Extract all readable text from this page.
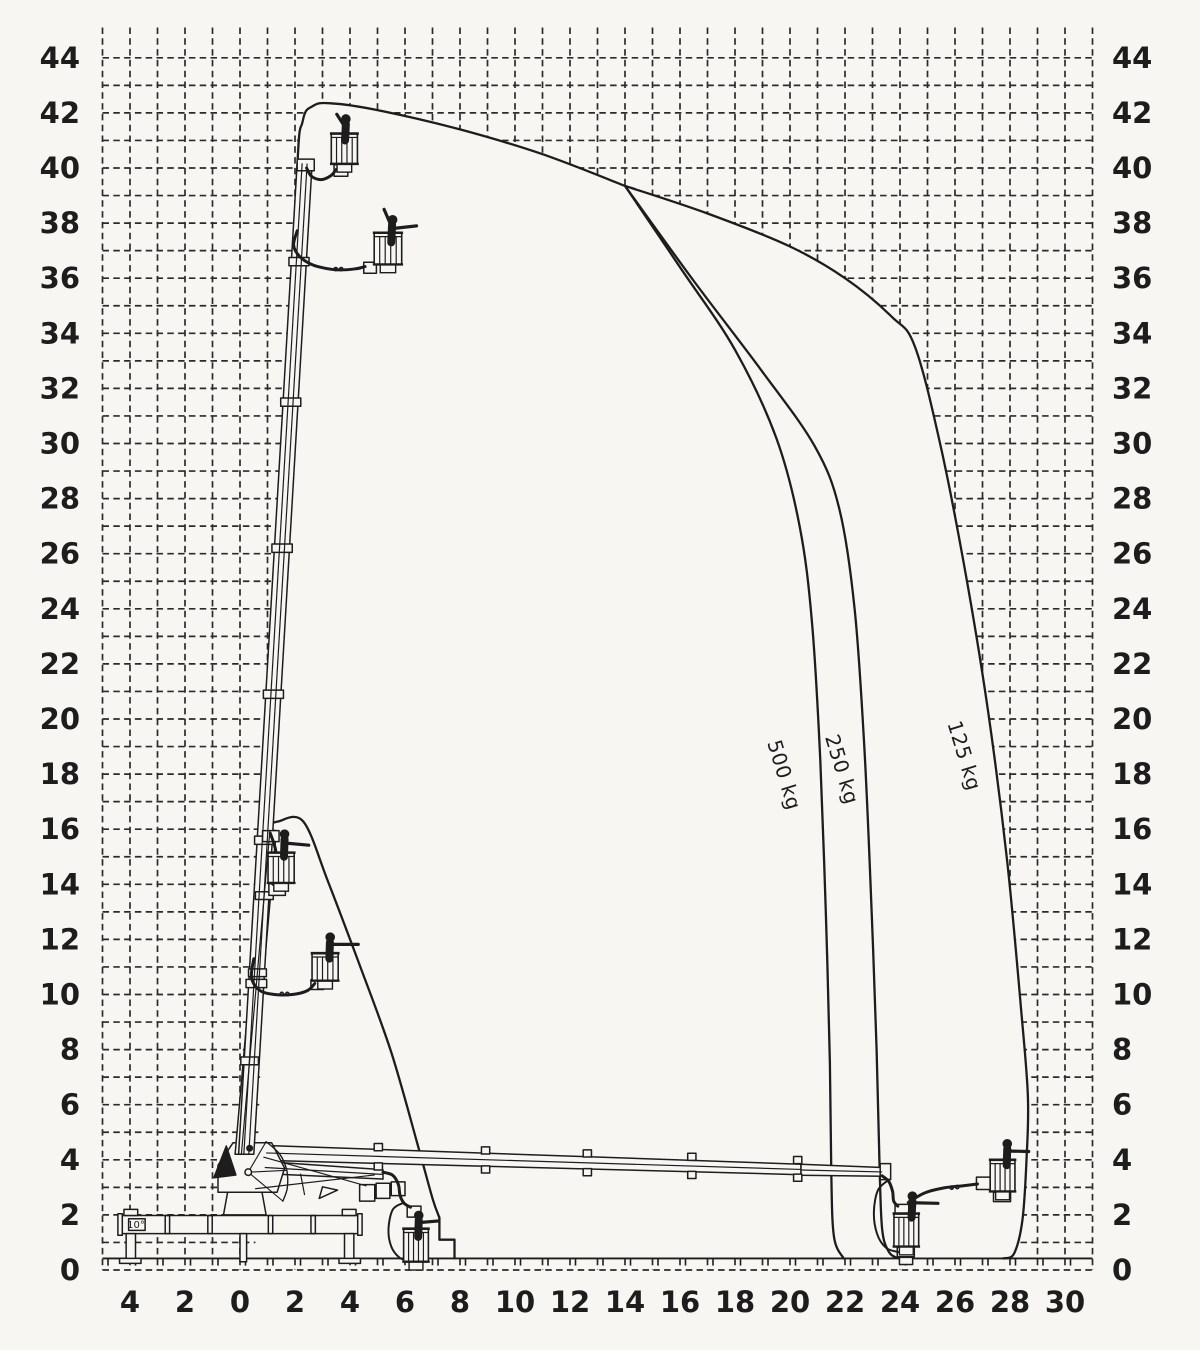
500 kg 250 kg	125 kg
10°
0	0
2	2
4	4
6	6
8	8
10	10
12	12
14	14
16	16
18	18
20	20
22	22
24	24
26	26
28	28
30	30
32	32
34	34
36	36
38	38
40	40
42	42
44	44
4 2 0 2 4 6 8 10 12 14 16 18 20 22 24 26 28 30
